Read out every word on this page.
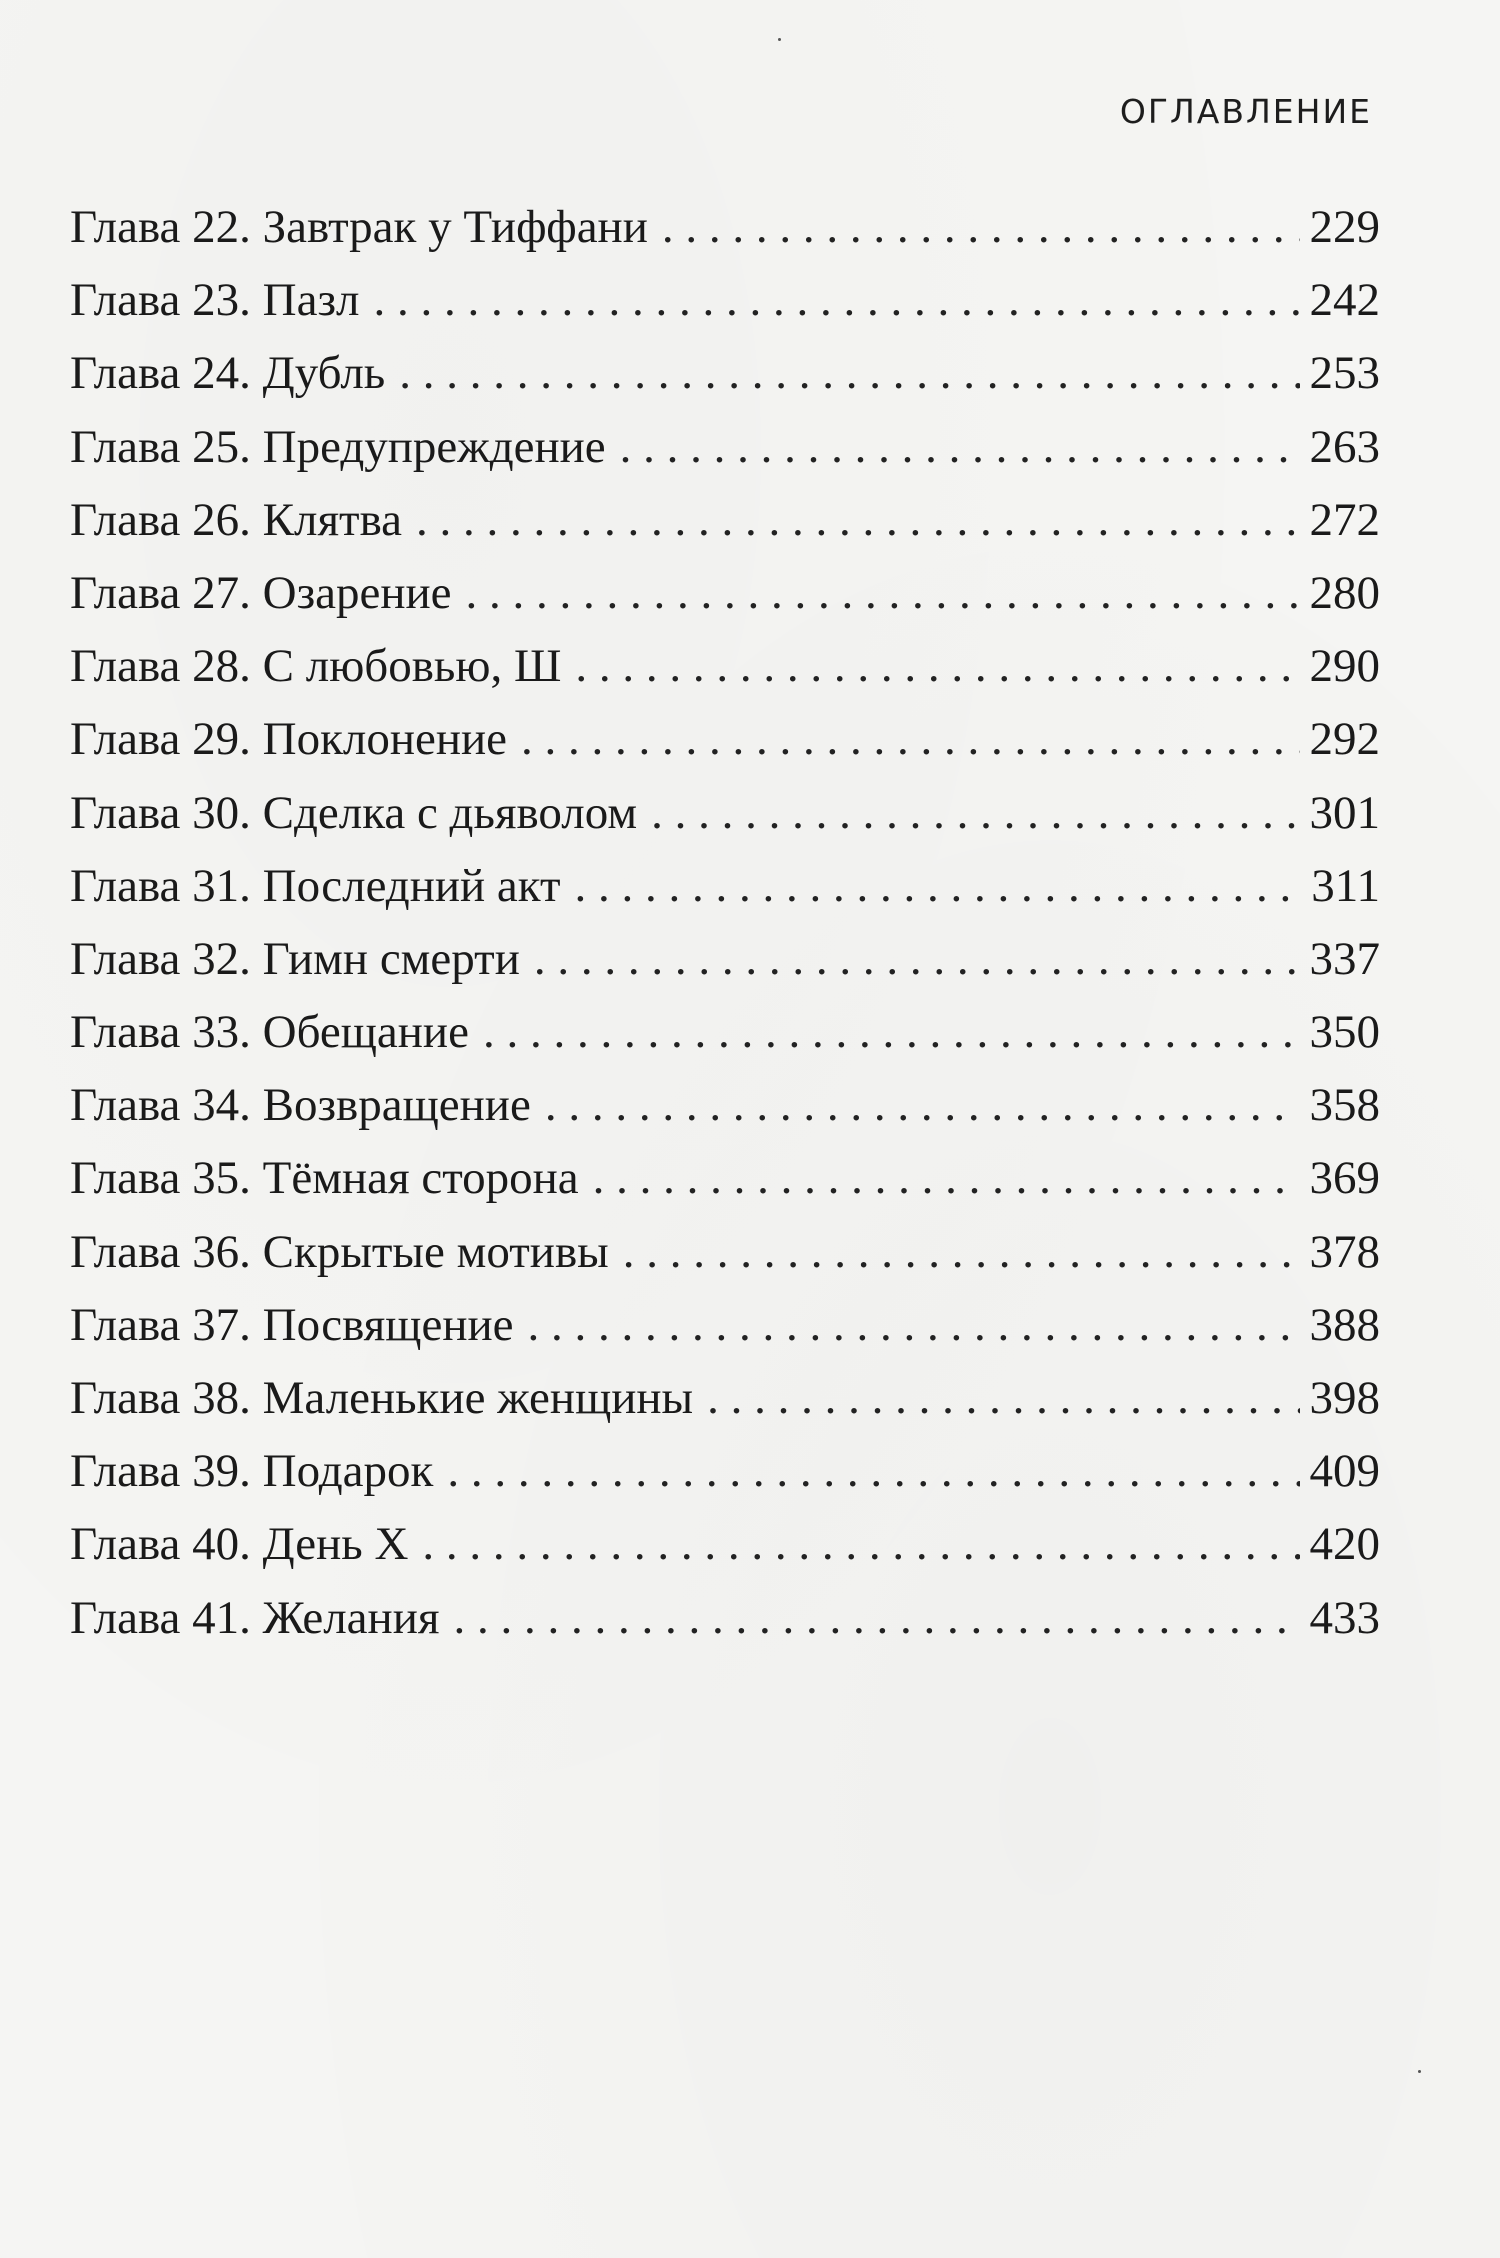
ОГЛАВЛЕНИЕ
Глава 22. Завтрак у Тиффани . . .	229
Глава 23. Пазл . . .	242
Глава 24. Дубль . . .	253
Глава 25. Предупреждение . . .	263
Глава 26. Клятва . . .	272
Глава 27. Озарение . . .	280
Глава 28. С любовью, Ш . . .	290
Глава 29. Поклонение . . .	292
Глава 30. Сделка с дьяволом . . .	301
Глава 31. Последний акт . . .	311
Глава 32. Гимн смерти . . .	337
Глава 33. Обещание . . .	350
Глава 34. Возвращение . . .	358
Глава 35. Тёмная сторона . . .	369
Глава 36. Скрытые мотивы . . .	378
Глава 37. Посвящение . . .	388
Глава 38. Маленькие женщины . . .	398
Глава 39. Подарок . . .	409
Глава 40. День Х . . .	420
Глава 41. Желания . . .	433
